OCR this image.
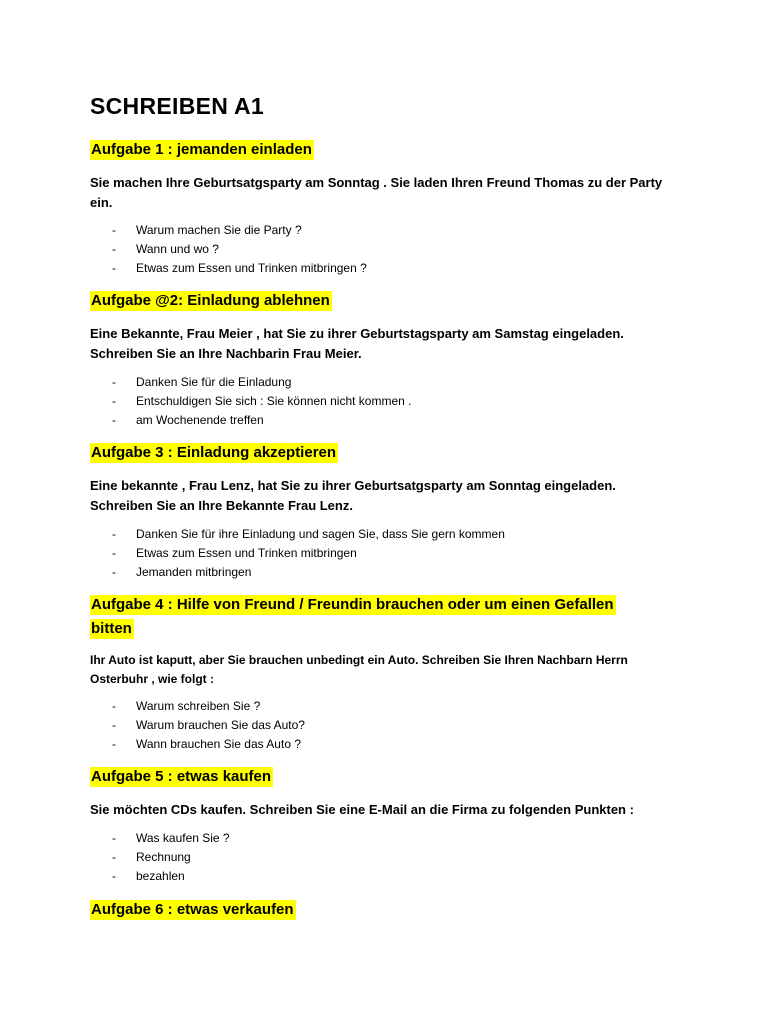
SCHREIBEN A1
Aufgabe 1 : jemanden einladen
Sie machen Ihre Geburtsatgsparty am Sonntag . Sie laden Ihren Freund Thomas zu der Party ein.
- Warum machen Sie die Party ?
- Wann und wo ?
- Etwas zum Essen und Trinken mitbringen ?
Aufgabe @2: Einladung ablehnen
Eine Bekannte, Frau Meier , hat Sie zu ihrer Geburtstagsparty am Samstag eingeladen. Schreiben Sie an Ihre Nachbarin Frau Meier.
- Danken Sie für die Einladung
- Entschuldigen Sie sich : Sie können nicht kommen .
- am Wochenende treffen
Aufgabe 3 : Einladung akzeptieren
Eine bekannte , Frau Lenz, hat Sie zu ihrer Geburtsatgsparty am Sonntag eingeladen. Schreiben Sie an Ihre Bekannte Frau Lenz.
- Danken Sie für ihre Einladung und sagen Sie, dass Sie gern kommen
- Etwas zum Essen und Trinken mitbringen
- Jemanden mitbringen
Aufgabe 4 : Hilfe von Freund / Freundin brauchen oder um einen Gefallen
bitten
Ihr Auto ist kaputt, aber Sie brauchen unbedingt ein Auto. Schreiben Sie Ihren Nachbarn Herrn Osterbuhr , wie folgt :
- Warum schreiben Sie ?
- Warum brauchen Sie das Auto?
- Wann brauchen Sie das Auto ?
Aufgabe 5 : etwas kaufen
Sie möchten CDs kaufen. Schreiben Sie eine E-Mail an die Firma zu folgenden Punkten :
- Was kaufen Sie ?
- Rechnung
- bezahlen
Aufgabe 6 : etwas verkaufen
